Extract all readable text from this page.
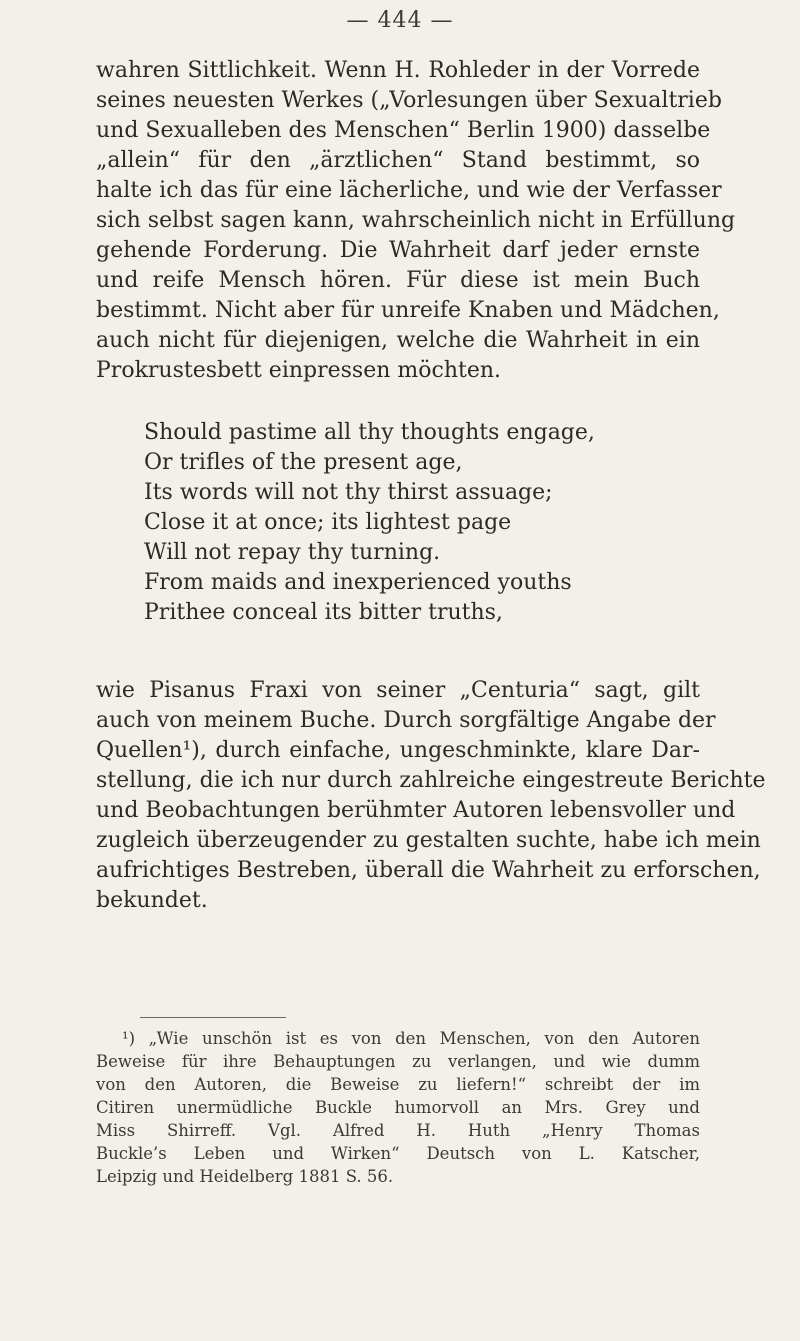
— 444 —
wahren Sittlichkeit. Wenn H. Rohleder in der Vorrede
seines neuesten Werkes („Vorlesungen über Sexualtrieb
und Sexualleben des Menschen“ Berlin 1900) dasselbe
„allein“ für den „ärztlichen“ Stand bestimmt, so
halte ich das für eine lächerliche, und wie der Verfasser
sich selbst sagen kann, wahrscheinlich nicht in Erfüllung
gehende Forderung. Die Wahrheit darf jeder ernste
und reife Mensch hören. Für diese ist mein Buch
bestimmt. Nicht aber für unreife Knaben und Mädchen,
auch nicht für diejenigen, welche die Wahrheit in ein
Prokrustesbett einpressen möchten.
Should pastime all thy thoughts engage,
Or trifles of the present age,
Its words will not thy thirst assuage;
Close it at once; its lightest page
Will not repay thy turning.
From maids and inexperienced youths
Prithee conceal its bitter truths,
wie Pisanus Fraxi von seiner „Centuria“ sagt, gilt
auch von meinem Buche. Durch sorgfältige Angabe der
Quellen¹), durch einfache, ungeschminkte, klare Dar-
stellung, die ich nur durch zahlreiche eingestreute Berichte
und Beobachtungen berühmter Autoren lebensvoller und
zugleich überzeugender zu gestalten suchte, habe ich mein
aufrichtiges Bestreben, überall die Wahrheit zu erforschen,
bekundet.
¹) „Wie unschön ist es von den Menschen, von den Autoren
Beweise für ihre Behauptungen zu verlangen, und wie dumm
von den Autoren, die Beweise zu liefern!“ schreibt der im
Citiren unermüdliche Buckle humorvoll an Mrs. Grey und
Miss Shirreff. Vgl. Alfred H. Huth „Henry Thomas
Buckle’s Leben und Wirken“ Deutsch von L. Katscher,
Leipzig und Heidelberg 1881 S. 56.
